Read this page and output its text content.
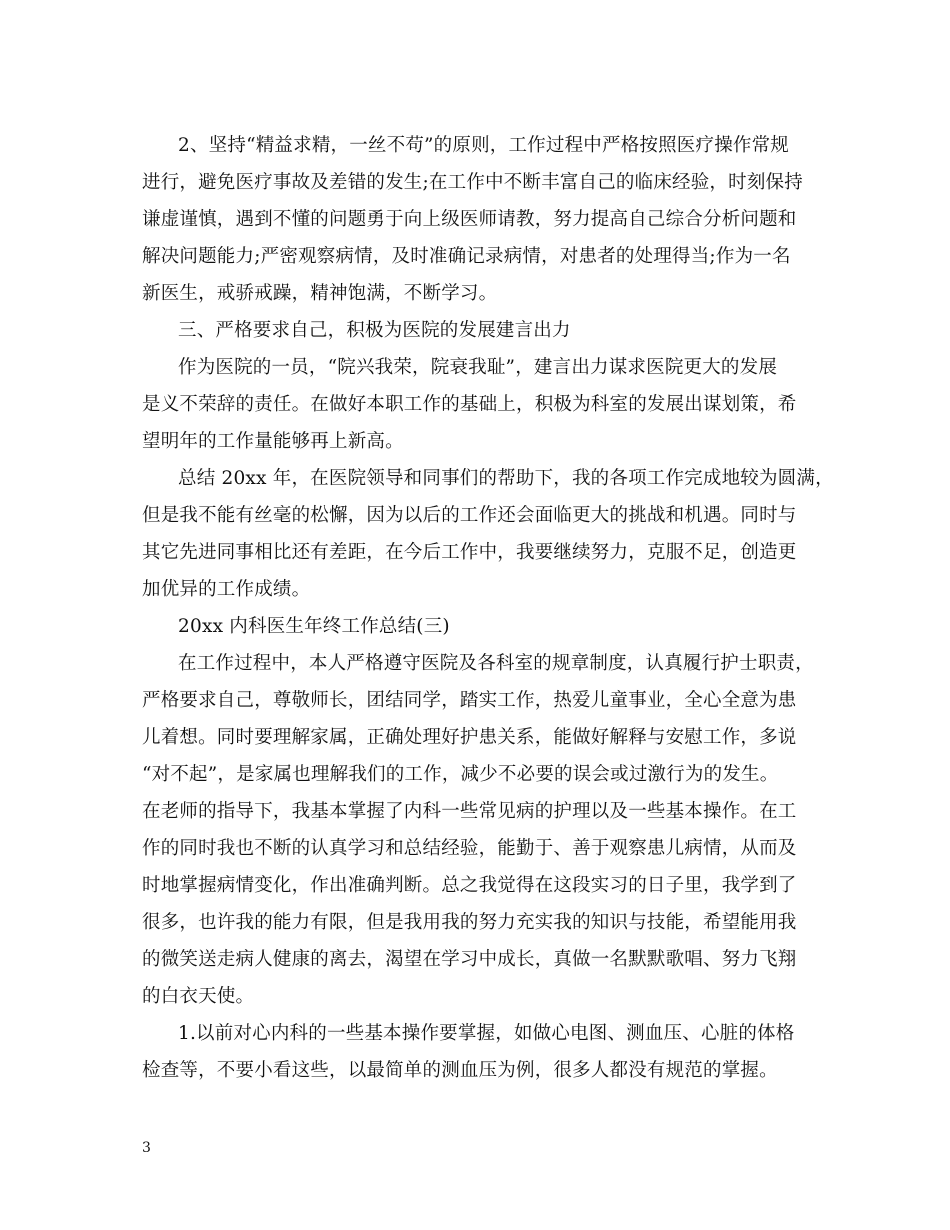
2、坚持“精益求精，一丝不苟”的原则，工作过程中严格按照医疗操作常规
进行，避免医疗事故及差错的发生;在工作中不断丰富自己的临床经验，时刻保持
谦虚谨慎，遇到不懂的问题勇于向上级医师请教，努力提高自己综合分析问题和
解决问题能力;严密观察病情，及时准确记录病情，对患者的处理得当;作为一名
新医生，戒骄戒躁，精神饱满，不断学习。
三、严格要求自己，积极为医院的发展建言出力
作为医院的一员，“院兴我荣，院衰我耻”，建言出力谋求医院更大的发展
是义不荣辞的责任。在做好本职工作的基础上，积极为科室的发展出谋划策，希
望明年的工作量能够再上新高。
总结 20xx 年，在医院领导和同事们的帮助下，我的各项工作完成地较为圆满，
但是我不能有丝毫的松懈，因为以后的工作还会面临更大的挑战和机遇。同时与
其它先进同事相比还有差距，在今后工作中，我要继续努力，克服不足，创造更
加优异的工作成绩。
20xx 内科医生年终工作总结(三)
在工作过程中，本人严格遵守医院及各科室的规章制度，认真履行护士职责，
严格要求自己，尊敬师长，团结同学，踏实工作，热爱儿童事业，全心全意为患
儿着想。同时要理解家属，正确处理好护患关系，能做好解释与安慰工作，多说
“对不起”，是家属也理解我们的工作，减少不必要的误会或过激行为的发生。
在老师的指导下，我基本掌握了内科一些常见病的护理以及一些基本操作。在工
作的同时我也不断的认真学习和总结经验，能勤于、善于观察患儿病情，从而及
时地掌握病情变化，作出准确判断。总之我觉得在这段实习的日子里，我学到了
很多，也许我的能力有限，但是我用我的努力充实我的知识与技能，希望能用我
的微笑送走病人健康的离去，渴望在学习中成长，真做一名默默歌唱、努力飞翔
的白衣天使。
1.以前对心内科的一些基本操作要掌握，如做心电图、测血压、心脏的体格
检查等，不要小看这些，以最简单的测血压为例，很多人都没有规范的掌握。
3
